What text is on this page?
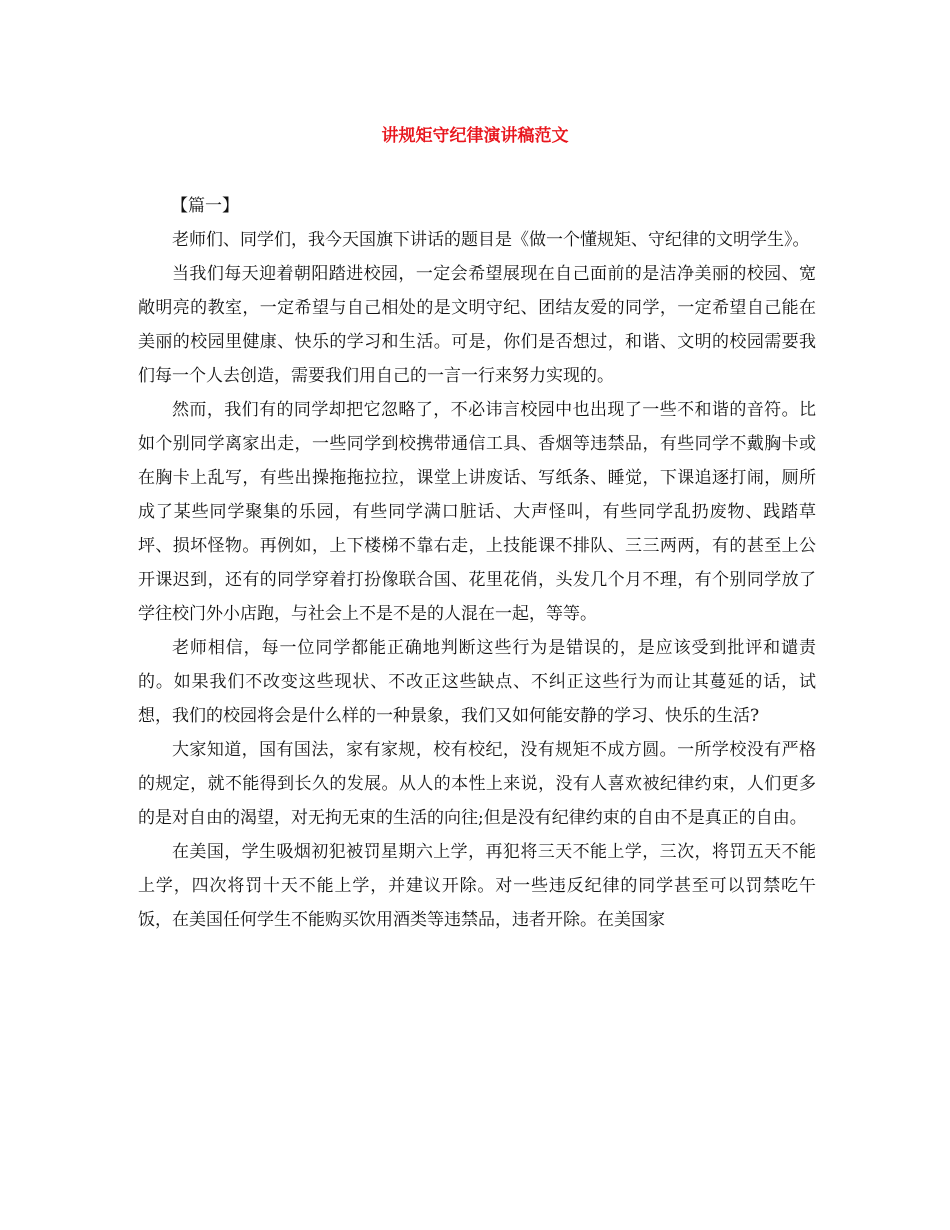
讲规矩守纪律演讲稿范文

【篇一】

老师们、同学们，我今天国旗下讲话的题目是《做一个懂规矩、守纪律的文明学生》。

当我们每天迎着朝阳踏进校园，一定会希望展现在自己面前的是洁净美丽的校园、宽敞明亮的教室，一定希望与自己相处的是文明守纪、团结友爱的同学，一定希望自己能在美丽的校园里健康、快乐的学习和生活。可是，你们是否想过，和谐、文明的校园需要我们每一个人去创造，需要我们用自己的一言一行来努力实现的。

然而，我们有的同学却把它忽略了，不必讳言校园中也出现了一些不和谐的音符。比如个别同学离家出走，一些同学到校携带通信工具、香烟等违禁品，有些同学不戴胸卡或在胸卡上乱写，有些出操拖拖拉拉，课堂上讲废话、写纸条、睡觉，下课追逐打闹，厕所成了某些同学聚集的乐园，有些同学满口脏话、大声怪叫，有些同学乱扔废物、践踏草坪、损坏怪物。再例如，上下楼梯不靠右走，上技能课不排队、三三两两，有的甚至上公开课迟到，还有的同学穿着打扮像联合国、花里花俏，头发几个月不理，有个别同学放了学往校门外小店跑，与社会上不是不是的人混在一起，等等。

老师相信，每一位同学都能正确地判断这些行为是错误的，是应该受到批评和谴责的。如果我们不改变这些现状、不改正这些缺点、不纠正这些行为而让其蔓延的话，试想，我们的校园将会是什么样的一种景象，我们又如何能安静的学习、快乐的生活?

大家知道，国有国法，家有家规，校有校纪，没有规矩不成方圆。一所学校没有严格的规定，就不能得到长久的发展。从人的本性上来说，没有人喜欢被纪律约束，人们更多的是对自由的渴望，对无拘无束的生活的向往;但是没有纪律约束的自由不是真正的自由。

在美国，学生吸烟初犯被罚星期六上学，再犯将三天不能上学，三次，将罚五天不能上学，四次将罚十天不能上学，并建议开除。对一些违反纪律的同学甚至可以罚禁吃午饭，在美国任何学生不能购买饮用酒类等违禁品，违者开除。在美国家
